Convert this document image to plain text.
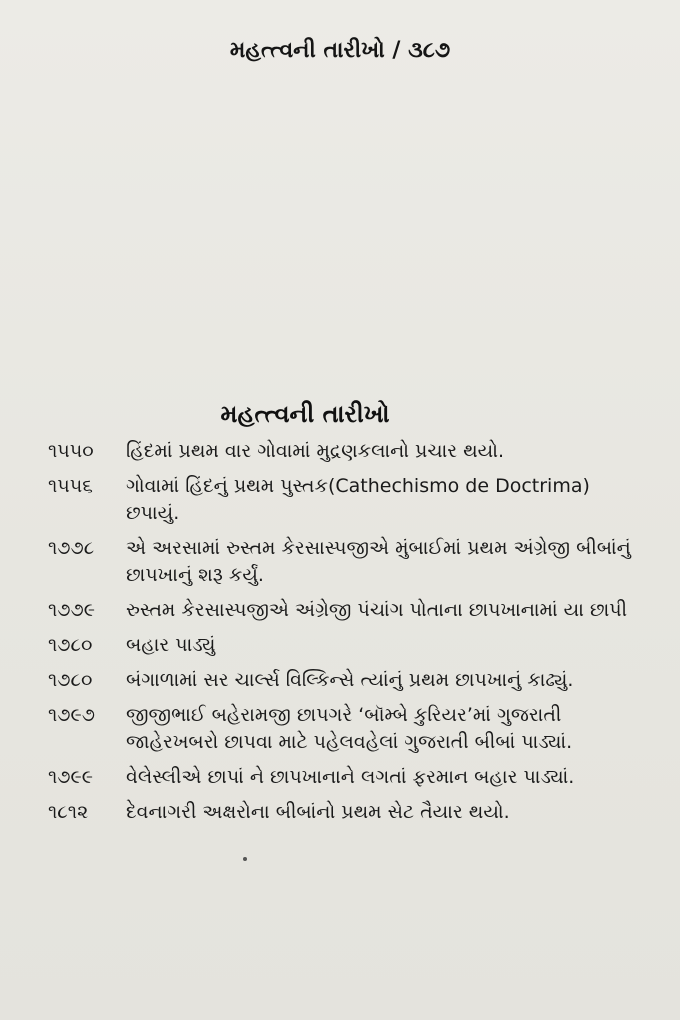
મહત્ત્વની તારીખો / ૩૮૭
મહત્ત્વની તારીખો
૧૫૫૦	હિંદમાં પ્રથમ વાર ગોવામાં મુદ્રણકલાનો પ્રચાર થયો.
૧૫૫૬	ગોવામાં હિંદનું પ્રથમ પુસ્તક(Cathechismo de Doctrima) છપાયું.
૧૭૭૮	એ અરસામાં રુસ્તમ કેરસાસ્પજીએ મુંબાઈમાં પ્રથમ અંગ્રેજી બીબાંનું છાપખાનું શરૂ કર્યું.
૧૭૭૯	રુસ્તમ કેરસાસ્પજીએ અંગ્રેજી પંચાંગ પોતાના છાપખાનામાં યા છાપી
૧૭૮૦	બહાર પાડ્યું
૧૭૮૦	બંગાળામાં સર ચાર્લ્સ વિલ્કિન્સે ત્યાંનું પ્રથમ છાપખાનું કાઢ્યું.
૧૭૯૭	જીજીભાઈ બહેરામજી છાપગરે ‘બૉમ્બે કુરિયર’માં ગુજરાતી જાહેરખબરો છાપવા માટે પહેલવહેલાં ગુજરાતી બીબાં પાડ્યાં.
૧૭૯૯	વેલેસ્લીએ છાપાં ને છાપખાનાને લગતાં ફરમાન બહાર પાડ્યાં.
૧૮૧૨	દેવનાગરી અક્ષરોના બીબાંનો પ્રથમ સેટ તૈયાર થયો.
